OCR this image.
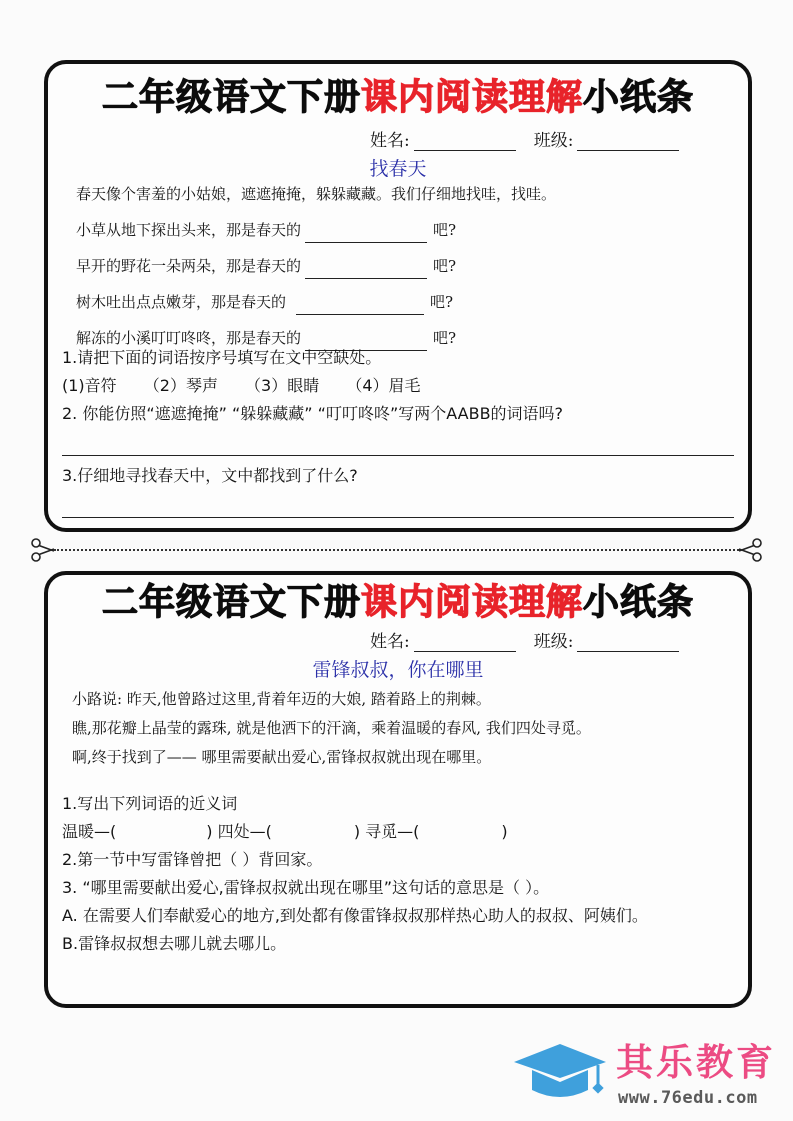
二年级语文下册课内阅读理解小纸条
姓名:	班级:
找春天
春天像个害羞的小姑娘，遮遮掩掩，躲躲藏藏。我们仔细地找哇，找哇。
小草从地下探出头来，那是春天的	吧?
早开的野花一朵两朵，那是春天的	吧?
树木吐出点点嫩芽，那是春天的	吧?
解冻的小溪叮叮咚咚，那是春天的	吧?
1.请把下面的词语按序号填写在文中空缺处。
(1)音符 （2）琴声 （3）眼睛 （4）眉毛
2. 你能仿照“遮遮掩掩” “躲躲藏藏” “叮叮咚咚”写两个AABB的词语吗?
3.仔细地寻找春天中，文中都找到了什么?
二年级语文下册课内阅读理解小纸条
姓名:	班级:
雷锋叔叔，你在哪里
小路说: 昨天,他曾路过这里,背着年迈的大娘, 踏着路上的荆棘。
瞧,那花瓣上晶莹的露珠, 就是他洒下的汗滴，乘着温暖的春风, 我们四处寻觅。
啊,终于找到了—— 哪里需要献出爱心,雷锋叔叔就出现在哪里。
1.写出下列词语的近义词
温暖—(	) 四处—(	) 寻觅—(	)
2.第一节中写雷锋曾把（ ）背回家。
3. “哪里需要献出爱心,雷锋叔叔就出现在哪里”这句话的意思是（ ）。
A. 在需要人们奉献爱心的地方,到处都有像雷锋叔叔那样热心助人的叔叔、阿姨们。
B.雷锋叔叔想去哪儿就去哪儿。
其乐教育
www.76edu.com
